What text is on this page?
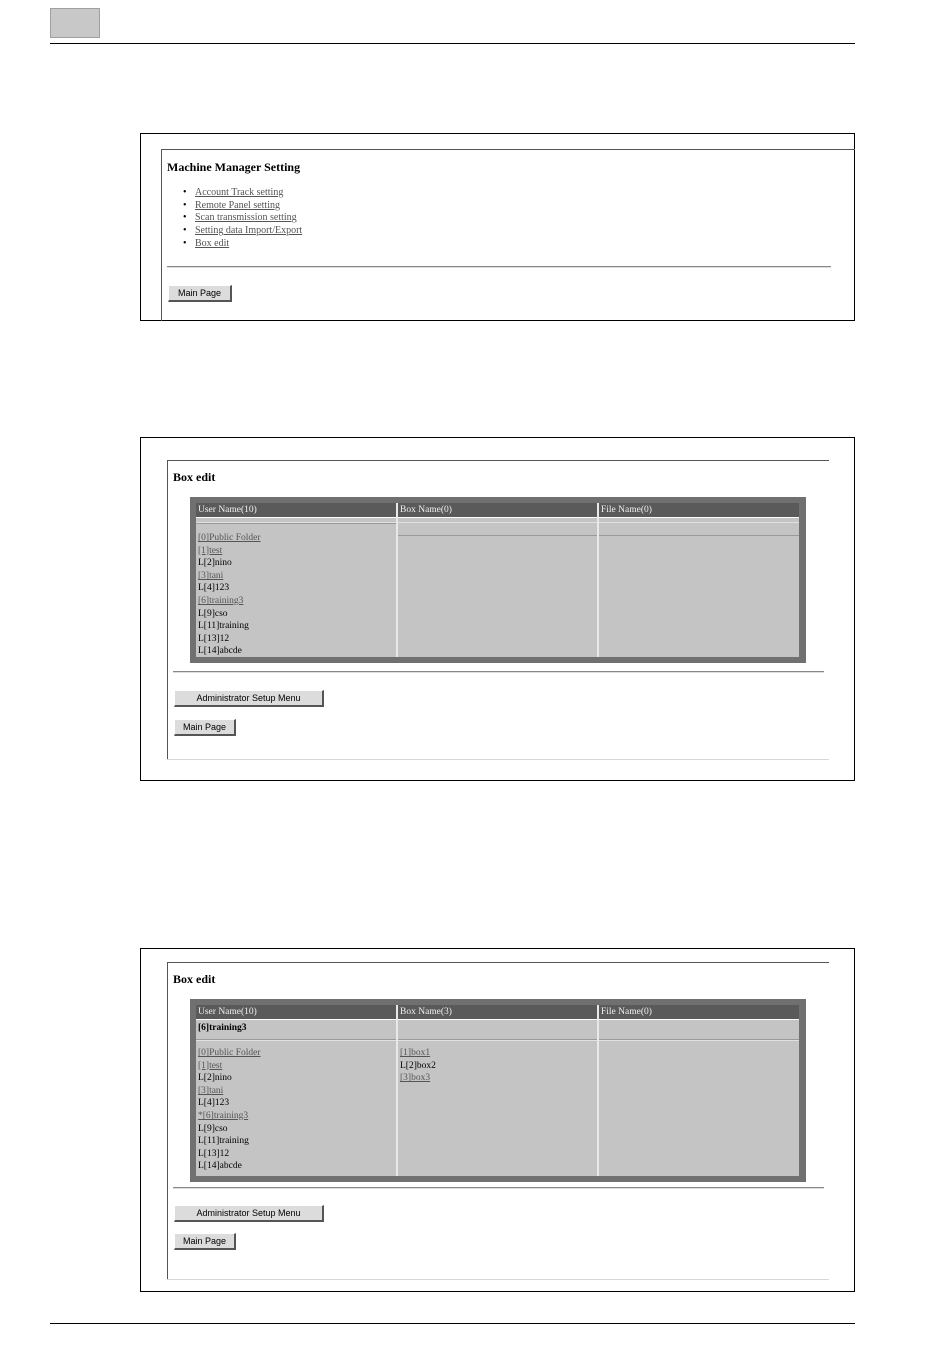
Machine Manager Setting
• Account Track setting
• Remote Panel setting
• Scan transmission setting
• Setting data Import/Export
• Box edit
Main Page
Box edit
User Name(10)
[0]Public Folder
[1]test
L[2]nino
[3]tani
L[4]123
[6]training3
L[9]cso
L[11]training
L[13]12
L[14]abcde
Box Name(0)	File Name(0)
Administrator Setup Menu
Main Page
Box edit
User Name(10)
[6]training3
[0]Public Folder
[1]test
L[2]nino
[3]tani
L[4]123
*[6]training3
L[9]cso
L[11]training
L[13]12
L[14]abcde
Box Name(3)
[1]box1
L[2]box2
[3]box3
File Name(0)
Administrator Setup Menu
Main Page
